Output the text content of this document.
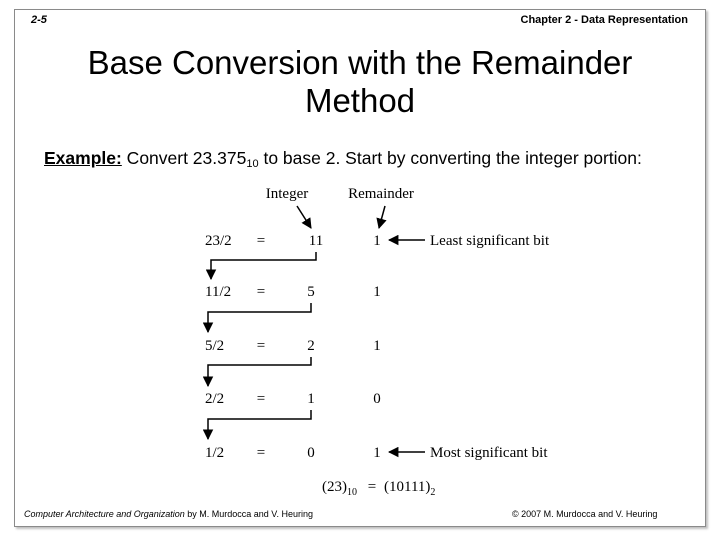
2-5	Chapter 2 - Data Representation
Base Conversion with the Remainder
Method
Example: Convert $23.375_{10}$ to base 2. Start by converting the integer portion:
Integer	Remainder
23/2 =	11	1	Least significant bit
11/2 =	5	1
5/2 =	2	1
2/2 =	1	0
1/2 =	0	1	Most significant bit
$(23)_{10} = (10111)_2$
Computer Architecture and Organization by M. Murdocca and V. Heuring	© 2007 M. Murdocca and V. Heuring
